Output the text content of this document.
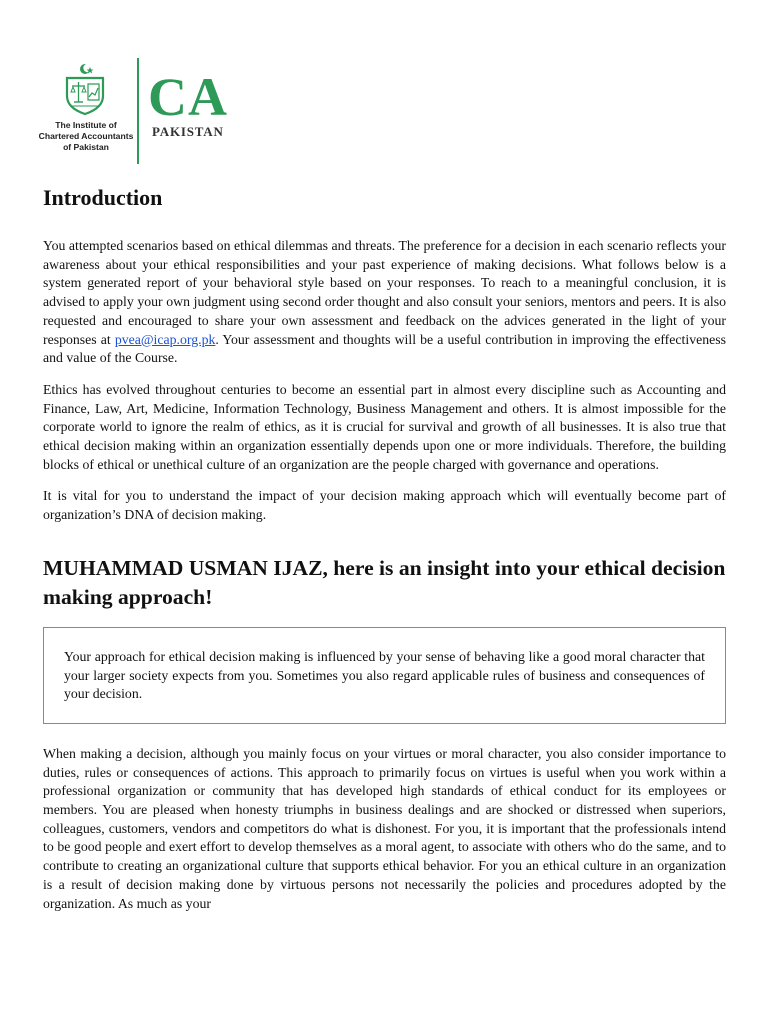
The Institute of
Chartered Accountants
of Pakistan
CA
PAKISTAN
Introduction

You attempted scenarios based on ethical dilemmas and threats. The preference for a decision in each scenario reflects your awareness about your ethical responsibilities and your past experience of making decisions. What follows below is a system generated report of your behavioral style based on your responses. To reach to a meaningful conclusion, it is advised to apply your own judgment using second order thought and also consult your seniors, mentors and peers. It is also requested and encouraged to share your own assessment and feedback on the advices generated in the light of your responses at pvea@icap.org.pk. Your assessment and thoughts will be a useful contribution in improving the effectiveness and value of the Course.

Ethics has evolved throughout centuries to become an essential part in almost every discipline such as Accounting and Finance, Law, Art, Medicine, Information Technology, Business Management and others. It is almost impossible for the corporate world to ignore the realm of ethics, as it is crucial for survival and growth of all businesses. It is also true that ethical decision making within an organization essentially depends upon one or more individuals. Therefore, the building blocks of ethical or unethical culture of an organization are the people charged with governance and operations.

It is vital for you to understand the impact of your decision making approach which will eventually become part of organization’s DNA of decision making.

MUHAMMAD USMAN IJAZ, here is an insight into your ethical decision making approach!

Your approach for ethical decision making is influenced by your sense of behaving like a good moral character that your larger society expects from you. Sometimes you also regard applicable rules of business and consequences of your decision.

When making a decision, although you mainly focus on your virtues or moral character, you also consider importance to duties, rules or consequences of actions. This approach to primarily focus on virtues is useful when you work within a professional organization or community that has developed high standards of ethical conduct for its employees or members. You are pleased when honesty triumphs in business dealings and are shocked or distressed when superiors, colleagues, customers, vendors and competitors do what is dishonest. For you, it is important that the professionals intend to be good people and exert effort to develop themselves as a moral agent, to associate with others who do the same, and to contribute to creating an organizational culture that supports ethical behavior. For you an ethical culture in an organization is a result of decision making done by virtuous persons not necessarily the policies and procedures adopted by the organization. As much as your
